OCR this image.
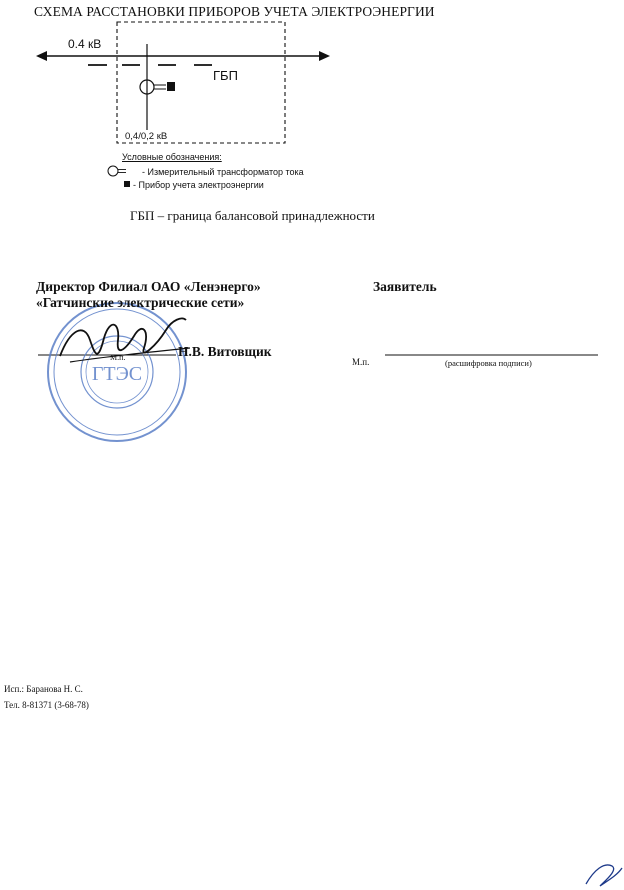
СХЕМА РАССТАНОВКИ ПРИБОРОВ УЧЕТА ЭЛЕКТРОЭНЕРГИИ
ГТЭС
0.4 кВ
ГБП
0,4/0,2 кВ
Условные обозначения:
- Измерительный трансформатор тока
- Прибор учета электроэнергии
ГБП – граница балансовой принадлежности
Директор Филиал ОАО «Ленэнерго»
«Гатчинские электрические сети»
Заявитель
М.п.	Н.В. Витовщик
М.п.	(расшифровка подписи)
Исп.: Баранова Н. С.
Тел. 8-81371 (3-68-78)
